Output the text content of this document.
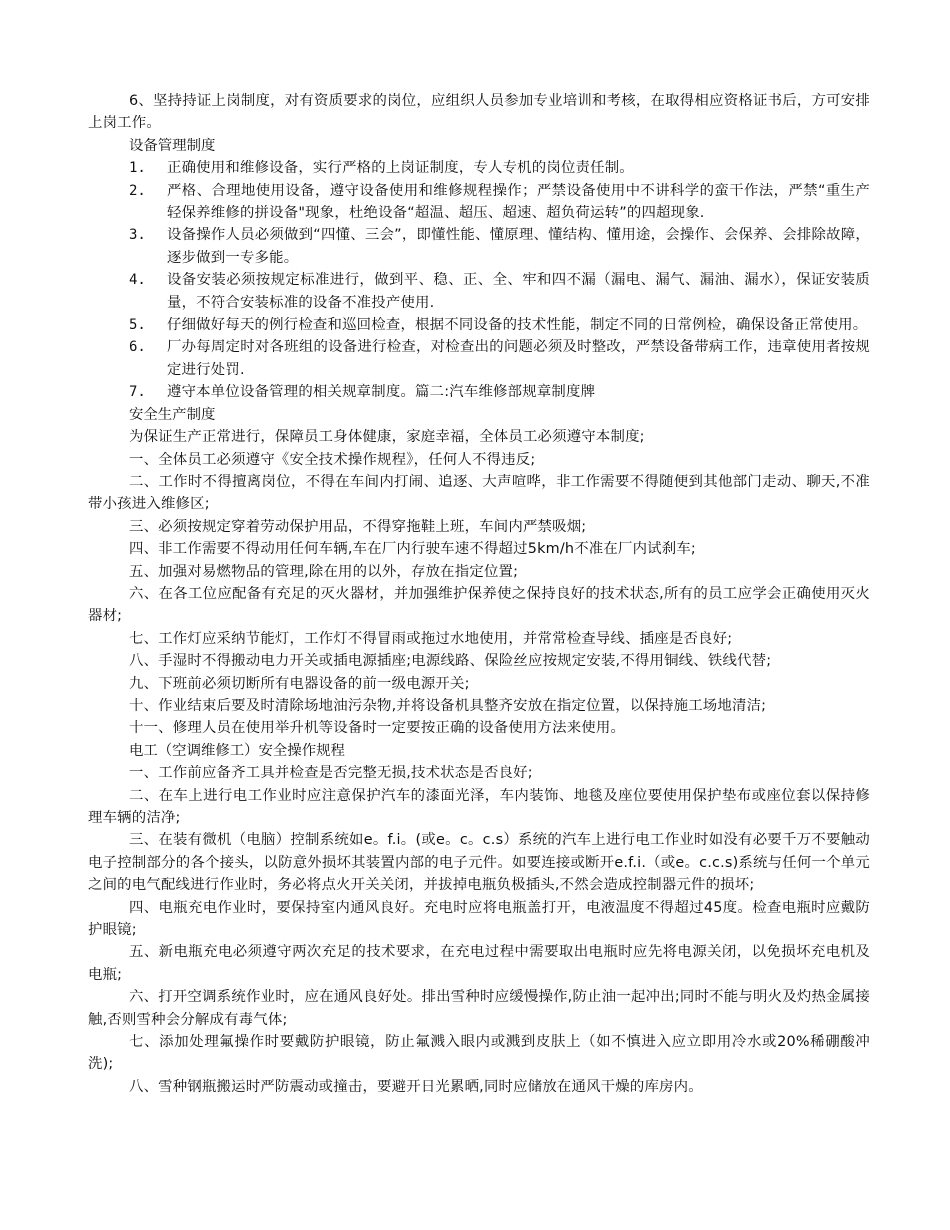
6、坚持持证上岗制度，对有资质要求的岗位，应组织人员参加专业培训和考核，在取得相应资格证书后，方可安排上岗工作。

设备管理制度

1.	正确使用和维修设备，实行严格的上岗证制度，专人专机的岗位责任制。
2.	严格、合理地使用设备，遵守设备使用和维修规程操作；严禁设备使用中不讲科学的蛮干作法，严禁“重生产轻保养维修的拼设备"现象，杜绝设备“超温、超压、超速、超负荷运转”的四超现象.
3.	设备操作人员必须做到“四懂、三会”，即懂性能、懂原理、懂结构、懂用途，会操作、会保养、会排除故障，逐步做到一专多能。
4.	设备安装必须按规定标准进行，做到平、稳、正、全、牢和四不漏（漏电、漏气、漏油、漏水），保证安装质量，不符合安装标准的设备不准投产使用.
5.	仔细做好每天的例行检查和巡回检查，根据不同设备的技术性能，制定不同的日常例检，确保设备正常使用。
6.	厂办每周定时对各班组的设备进行检查，对检查出的问题必须及时整改，严禁设备带病工作，违章使用者按规定进行处罚.
7.	遵守本单位设备管理的相关规章制度。篇二:汽车维修部规章制度牌

安全生产制度

为保证生产正常进行，保障员工身体健康，家庭幸福，全体员工必须遵守本制度;

一、全体员工必须遵守《安全技术操作规程》，任何人不得违反;

二、工作时不得擅离岗位，不得在车间内打闹、追逐、大声喧哗，非工作需要不得随便到其他部门走动、聊天,不准带小孩进入维修区;

三、必须按规定穿着劳动保护用品，不得穿拖鞋上班，车间内严禁吸烟;

四、非工作需要不得动用任何车辆,车在厂内行驶车速不得超过5km/h不准在厂内试刹车;

五、加强对易燃物品的管理,除在用的以外，存放在指定位置;

六、在各工位应配备有充足的灭火器材，并加强维护保养使之保持良好的技术状态,所有的员工应学会正确使用灭火器材;

七、工作灯应采纳节能灯，工作灯不得冒雨或拖过水地使用，并常常检查导线、插座是否良好;

八、手湿时不得搬动电力开关或插电源插座;电源线路、保险丝应按规定安装,不得用铜线、铁线代替;

九、下班前必须切断所有电器设备的前一级电源开关;

十、作业结束后要及时清除场地油污杂物,并将设备机具整齐安放在指定位置，以保持施工场地清洁;

十一、修理人员在使用举升机等设备时一定要按正确的设备使用方法来使用。

电工（空调维修工）安全操作规程

一、工作前应备齐工具并检查是否完整无损,技术状态是否良好;

二、在车上进行电工作业时应注意保护汽车的漆面光泽，车内装饰、地毯及座位要使用保护垫布或座位套以保持修理车辆的洁净;

三、在装有微机（电脑）控制系统如e。f.i。(或e。c。c.s）系统的汽车上进行电工作业时如没有必要千万不要触动电子控制部分的各个接头，以防意外损坏其装置内部的电子元件。如要连接或断开e.f.i.（或e。c.c.s)系统与任何一个单元之间的电气配线进行作业时，务必将点火开关关闭，并拔掉电瓶负极插头,不然会造成控制器元件的损坏;

四、电瓶充电作业时，要保持室内通风良好。充电时应将电瓶盖打开，电液温度不得超过45度。检查电瓶时应戴防护眼镜;

五、新电瓶充电必须遵守两次充足的技术要求，在充电过程中需要取出电瓶时应先将电源关闭，以免损坏充电机及电瓶;

六、打开空调系统作业时，应在通风良好处。排出雪种时应缓慢操作,防止油一起冲出;同时不能与明火及灼热金属接触,否则雪种会分解成有毒气体;

七、添加处理氟操作时要戴防护眼镜，防止氟溅入眼内或溅到皮肤上（如不慎进入应立即用冷水或20%稀硼酸冲洗);

八、雪种钢瓶搬运时严防震动或撞击，要避开日光累晒,同时应储放在通风干燥的库房内。
